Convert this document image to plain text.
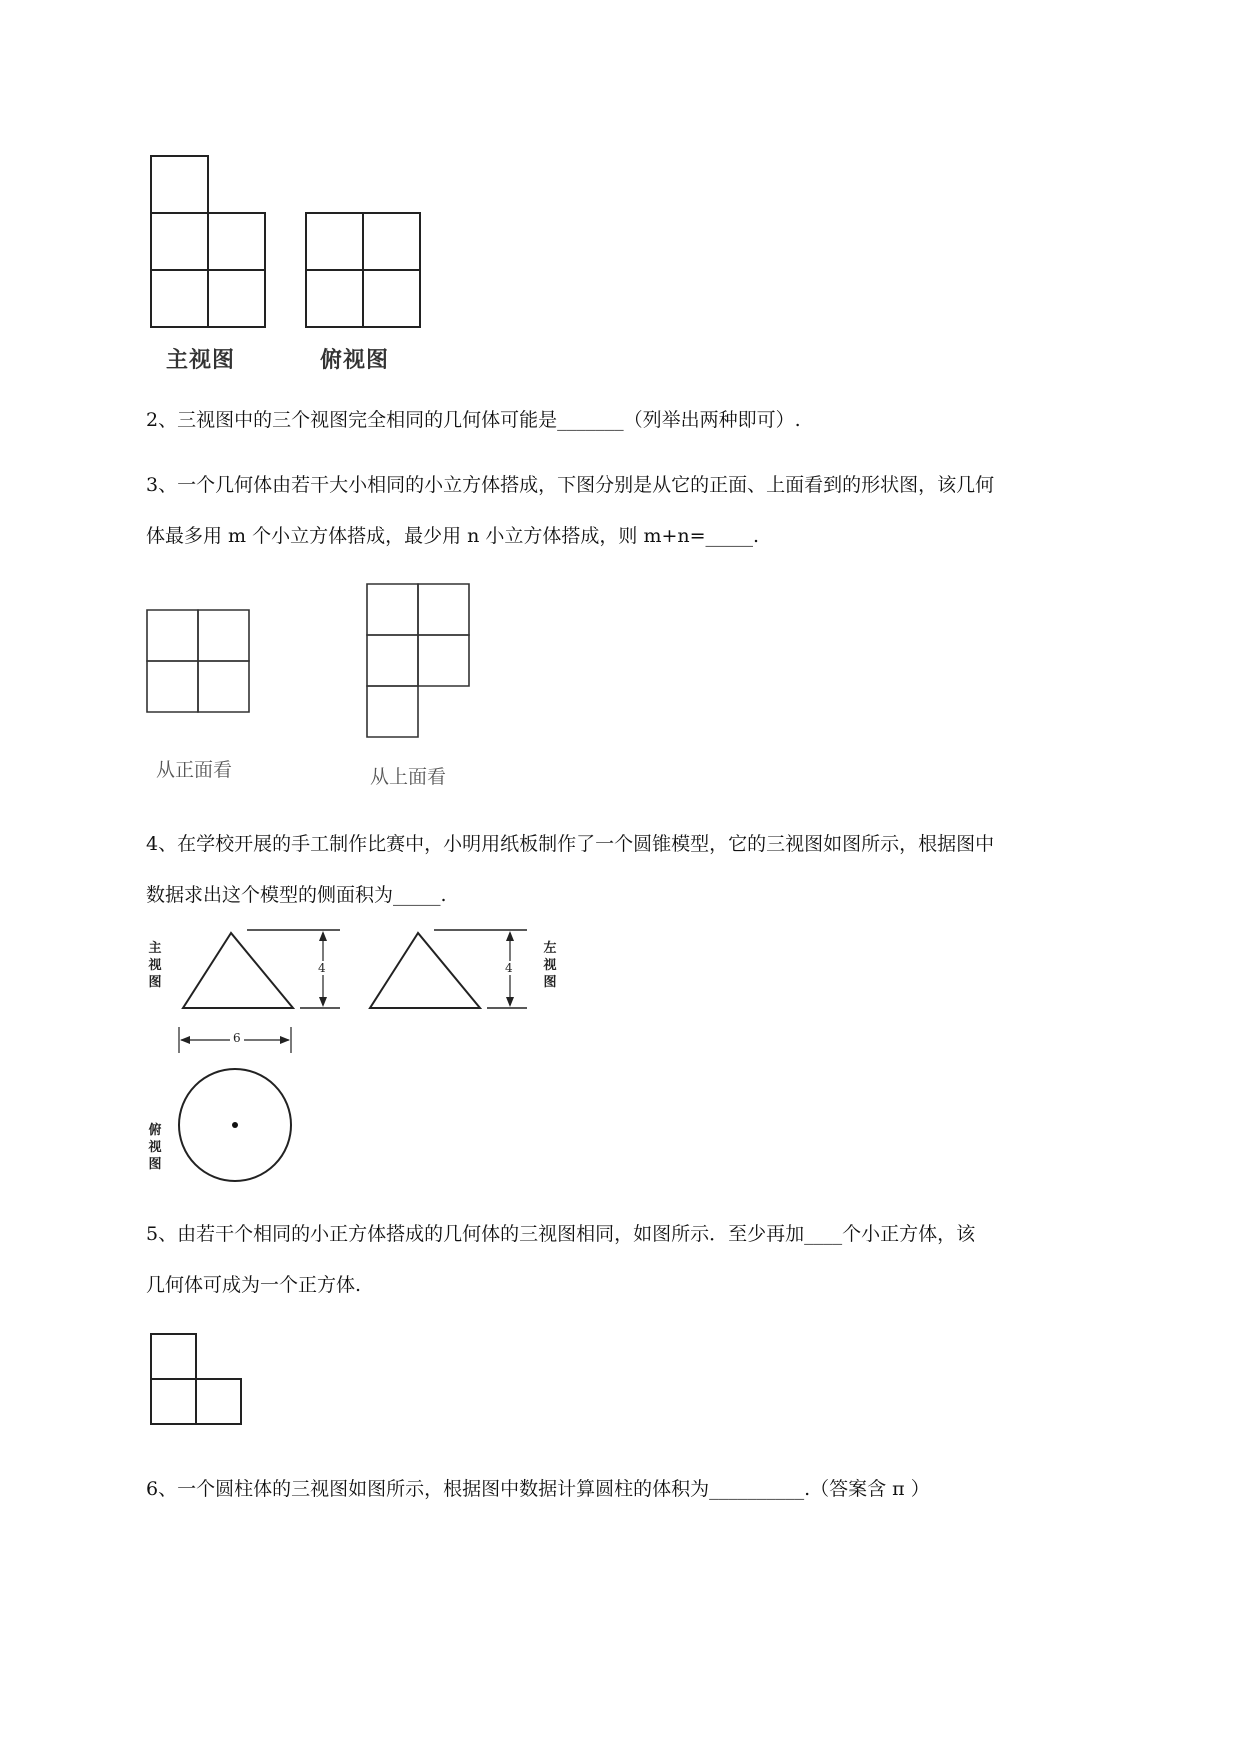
主视图	俯视图
2、三视图中的三个视图完全相同的几何体可能是_______（列举出两种即可）.
3、一个几何体由若干大小相同的小立方体搭成，下图分别是从它的正面、上面看到的形状图，该几何
体最多用 m 个小立方体搭成，最少用 n 小立方体搭成，则 m+n=_____.
从正面看	从上面看
4、在学校开展的手工制作比赛中，小明用纸板制作了一个圆锥模型，它的三视图如图所示，根据图中
数据求出这个模型的侧面积为_____.
主视图
4
6
4
左视图
俯视图
5、由若干个相同的小正方体搭成的几何体的三视图相同，如图所示．至少再加____个小正方体，该
几何体可成为一个正方体.
6、一个圆柱体的三视图如图所示，根据图中数据计算圆柱的体积为__________.（答案含 π ）
